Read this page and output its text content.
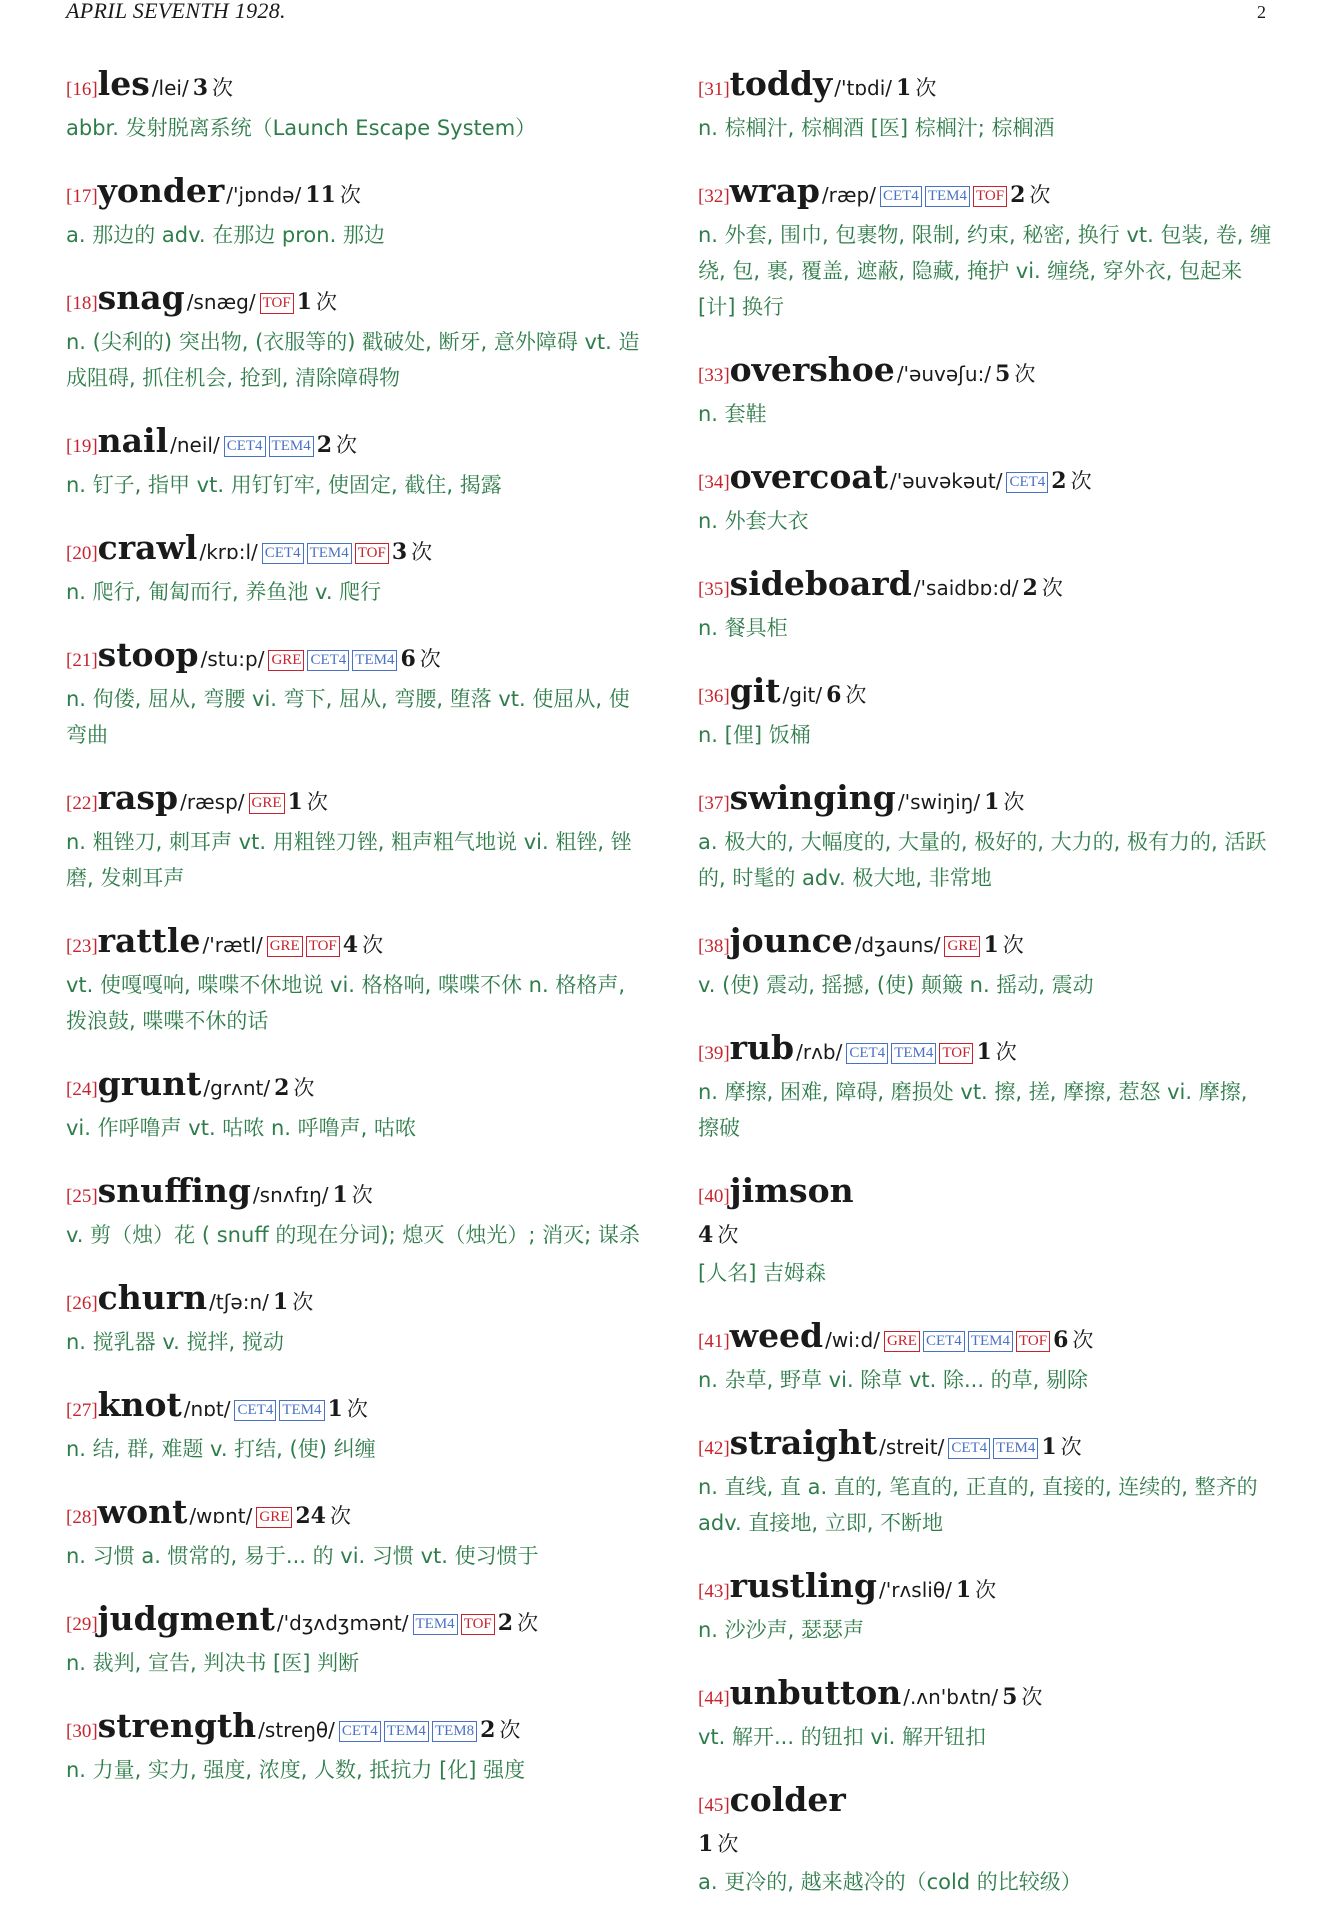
APRIL SEVENTH 1928.	2
[16]les /lei/ 3 次
abbr. 发射脱离系统（Launch Escape System）
[17]yonder /'jɒndə/ 11 次
a. 那边的 adv. 在那边 pron. 那边
[18]snag /snæg/ TOF 1 次
n. (尖利的) 突出物, (衣服等的) 戳破处, 断牙, 意外障碍 vt. 造成阻碍, 抓住机会, 抢到, 清除障碍物
[19]nail /neil/ CET4 TEM4 2 次
n. 钉子, 指甲 vt. 用钉钉牢, 使固定, 截住, 揭露
[20]crawl /krɒ:l/ CET4 TEM4 TOF 3 次
n. 爬行, 匍匐而行, 养鱼池 v. 爬行
[21]stoop /stu:p/ GRE CET4 TEM4 6 次
n. 佝偻, 屈从, 弯腰 vi. 弯下, 屈从, 弯腰, 堕落 vt. 使屈从, 使弯曲
[22]rasp /ræsp/ GRE 1 次
n. 粗锉刀, 刺耳声 vt. 用粗锉刀锉, 粗声粗气地说 vi. 粗锉, 锉磨, 发刺耳声
[23]rattle /'rætl/ GRE TOF 4 次
vt. 使嘎嘎响, 喋喋不休地说 vi. 格格响, 喋喋不休 n. 格格声, 拨浪鼓, 喋喋不休的话
[24]grunt /grʌnt/ 2 次
vi. 作呼噜声 vt. 咕哝 n. 呼噜声, 咕哝
[25]snuffing /snʌfɪŋ/ 1 次
v. 剪（烛）花 ( snuff 的现在分词); 熄灭（烛光）; 消灭; 谋杀
[26]churn /tʃə:n/ 1 次
n. 搅乳器 v. 搅拌, 搅动
[27]knot /nɒt/ CET4 TEM4 1 次
n. 结, 群, 难题 v. 打结, (使) 纠缠
[28]wont /wɒnt/ GRE 24 次
n. 习惯 a. 惯常的, 易于... 的 vi. 习惯 vt. 使习惯于
[29]judgment /'dʒʌdʒmənt/ TEM4 TOF 2 次
n. 裁判, 宣告, 判决书 [医] 判断
[30]strength /streŋθ/ CET4 TEM4 TEM8 2 次
n. 力量, 实力, 强度, 浓度, 人数, 抵抗力 [化] 强度
[31]toddy /'tɒdi/ 1 次
n. 棕榈汁, 棕榈酒 [医] 棕榈汁; 棕榈酒
[32]wrap /ræp/ CET4 TEM4 TOF 2 次
n. 外套, 围巾, 包裹物, 限制, 约束, 秘密, 换行 vt. 包装, 卷, 缠绕, 包, 裹, 覆盖, 遮蔽, 隐藏, 掩护 vi. 缠绕, 穿外衣, 包起来 [计] 换行
[33]overshoe /'əuvəʃu:/ 5 次
n. 套鞋
[34]overcoat /'əuvəkəut/ CET4 2 次
n. 外套大衣
[35]sideboard /'saidbɒ:d/ 2 次
n. 餐具柜
[36]git /git/ 6 次
n. [俚] 饭桶
[37]swinging /'swiŋiŋ/ 1 次
a. 极大的, 大幅度的, 大量的, 极好的, 大力的, 极有力的, 活跃的, 时髦的 adv. 极大地, 非常地
[38]jounce /dʒauns/ GRE 1 次
v. (使) 震动, 摇撼, (使) 颠簸 n. 摇动, 震动
[39]rub /rʌb/ CET4 TEM4 TOF 1 次
n. 摩擦, 困难, 障碍, 磨损处 vt. 擦, 搓, 摩擦, 惹怒 vi. 摩擦, 擦破
[40]jimson
4 次
[人名] 吉姆森
[41]weed /wi:d/ GRE CET4 TEM4 TOF 6 次
n. 杂草, 野草 vi. 除草 vt. 除... 的草, 剔除
[42]straight /streit/ CET4 TEM4 1 次
n. 直线, 直 a. 直的, 笔直的, 正直的, 直接的, 连续的, 整齐的 adv. 直接地, 立即, 不断地
[43]rustling /'rʌsliθ/ 1 次
n. 沙沙声, 瑟瑟声
[44]unbutton /.ʌn'bʌtn/ 5 次
vt. 解开... 的钮扣 vi. 解开钮扣
[45]colder
1 次
a. 更冷的, 越来越冷的（cold 的比较级）
